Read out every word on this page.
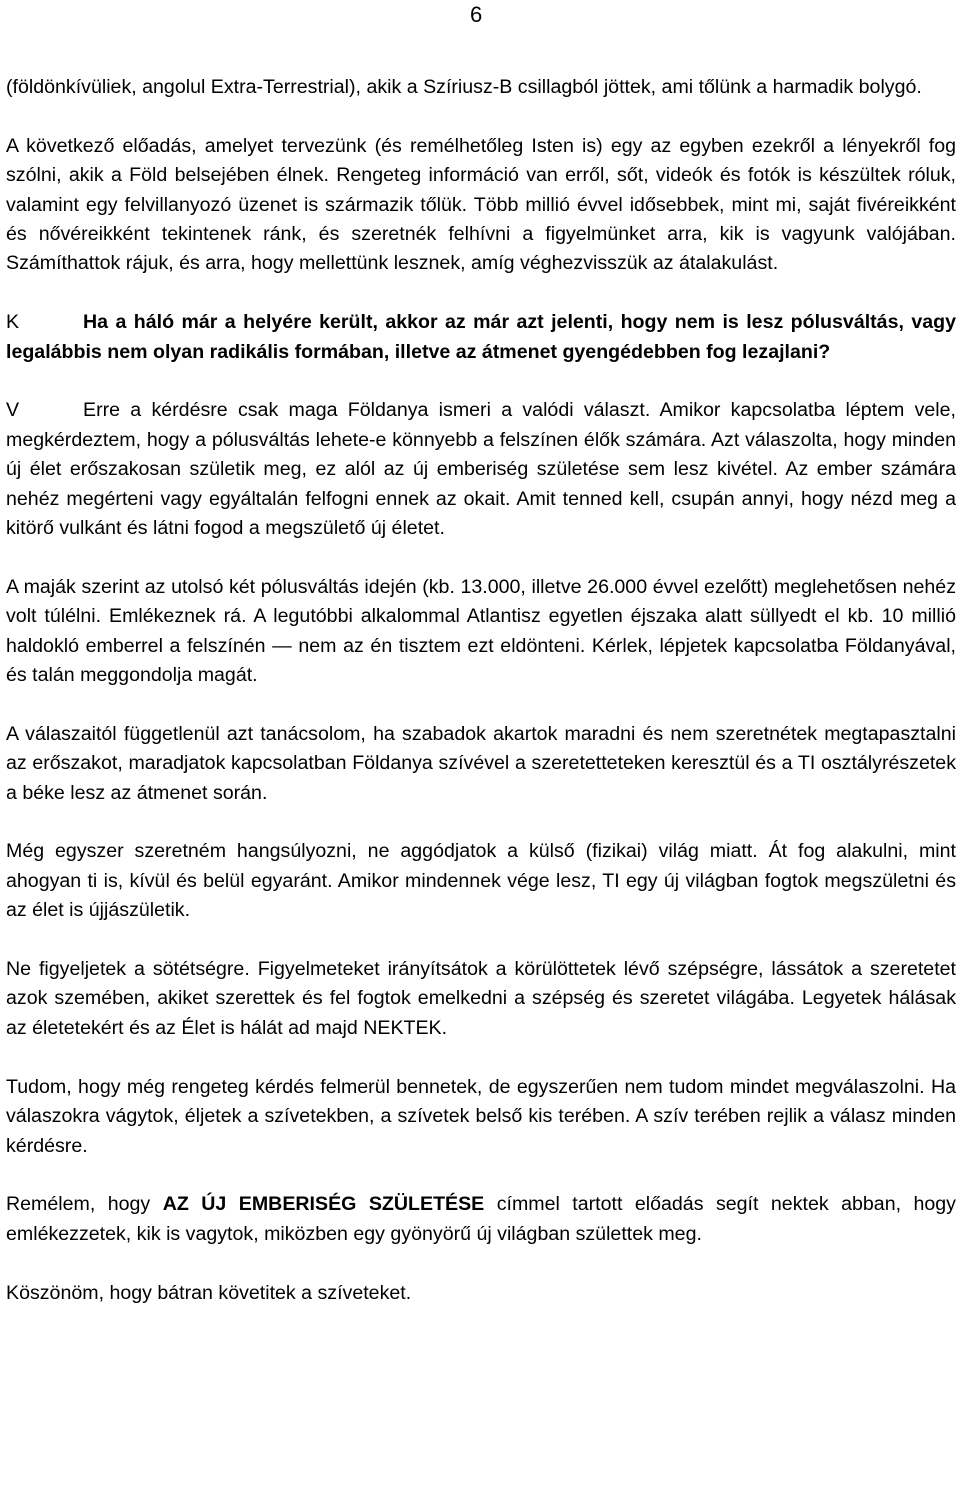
6

(földönkívüliek, angolul Extra-Terrestrial), akik a Szíriusz-B csillagból jöttek, ami tőlünk a harmadik bolygó.

A következő előadás, amelyet tervezünk (és remélhetőleg Isten is) egy az egyben ezekről a lényekről fog szólni, akik a Föld belsejében élnek. Rengeteg információ van erről, sőt, videók és fotók is készültek róluk, valamint egy felvillanyozó üzenet is származik tőlük. Több millió évvel idősebbek, mint mi, saját fivéreikként és nővéreikként tekintenek ránk, és szeretnék felhívni a figyelmünket arra, kik is vagyunk valójában. Számíthattok rájuk, és arra, hogy mellettünk lesznek, amíg véghezvisszük az átalakulást.

K	Ha a háló már a helyére került, akkor az már azt jelenti, hogy nem is lesz pólusváltás, vagy legalábbis nem olyan radikális formában, illetve az átmenet gyengédebben fog lezajlani?

V	Erre a kérdésre csak maga Földanya ismeri a valódi választ. Amikor kapcsolatba léptem vele, megkérdeztem, hogy a pólusváltás lehete-e könnyebb a felszínen élők számára. Azt válaszolta, hogy minden új élet erőszakosan születik meg, ez alól az új emberiség születése sem lesz kivétel. Az ember számára nehéz megérteni vagy egyáltalán felfogni ennek az okait. Amit tenned kell, csupán annyi, hogy nézd meg a kitörő vulkánt és látni fogod a megszülető új életet.

A maják szerint az utolsó két pólusváltás idején (kb. 13.000, illetve 26.000 évvel ezelőtt) meglehetősen nehéz volt túlélni. Emlékeznek rá. A legutóbbi alkalommal Atlantisz egyetlen éjszaka alatt süllyedt el kb. 10 millió haldokló emberrel a felszínén — nem az én tisztem ezt eldönteni. Kérlek, lépjetek kapcsolatba Földanyával, és talán meggondolja magát.

A válaszaitól függetlenül azt tanácsolom, ha szabadok akartok maradni és nem szeretnétek megtapasztalni az erőszakot, maradjatok kapcsolatban Földanya szívével a szeretetteteken keresztül és a TI osztályrészetek a béke lesz az átmenet során.

Még egyszer szeretném hangsúlyozni, ne aggódjatok a külső (fizikai) világ miatt. Át fog alakulni, mint ahogyan ti is, kívül és belül egyaránt. Amikor mindennek vége lesz, TI egy új világban fogtok megszületni és az élet is újjászületik.

Ne figyeljetek a sötétségre. Figyelmeteket irányítsátok a körülöttetek lévő szépségre, lássátok a szeretetet azok szemében, akiket szerettek és fel fogtok emelkedni a szépség és szeretet világába. Legyetek hálásak az életetekért és az Élet is hálát ad majd NEKTEK.

Tudom, hogy még rengeteg kérdés felmerül bennetek, de egyszerűen nem tudom mindet megválaszolni. Ha válaszokra vágytok, éljetek a szívetekben, a szívetek belső kis terében. A szív terében rejlik a válasz minden kérdésre.

Remélem, hogy AZ ÚJ EMBERISÉG SZÜLETÉSE címmel tartott előadás segít nektek abban, hogy emlékezzetek, kik is vagytok, miközben egy gyönyörű új világban születtek meg.

Köszönöm, hogy bátran követitek a szíveteket.
